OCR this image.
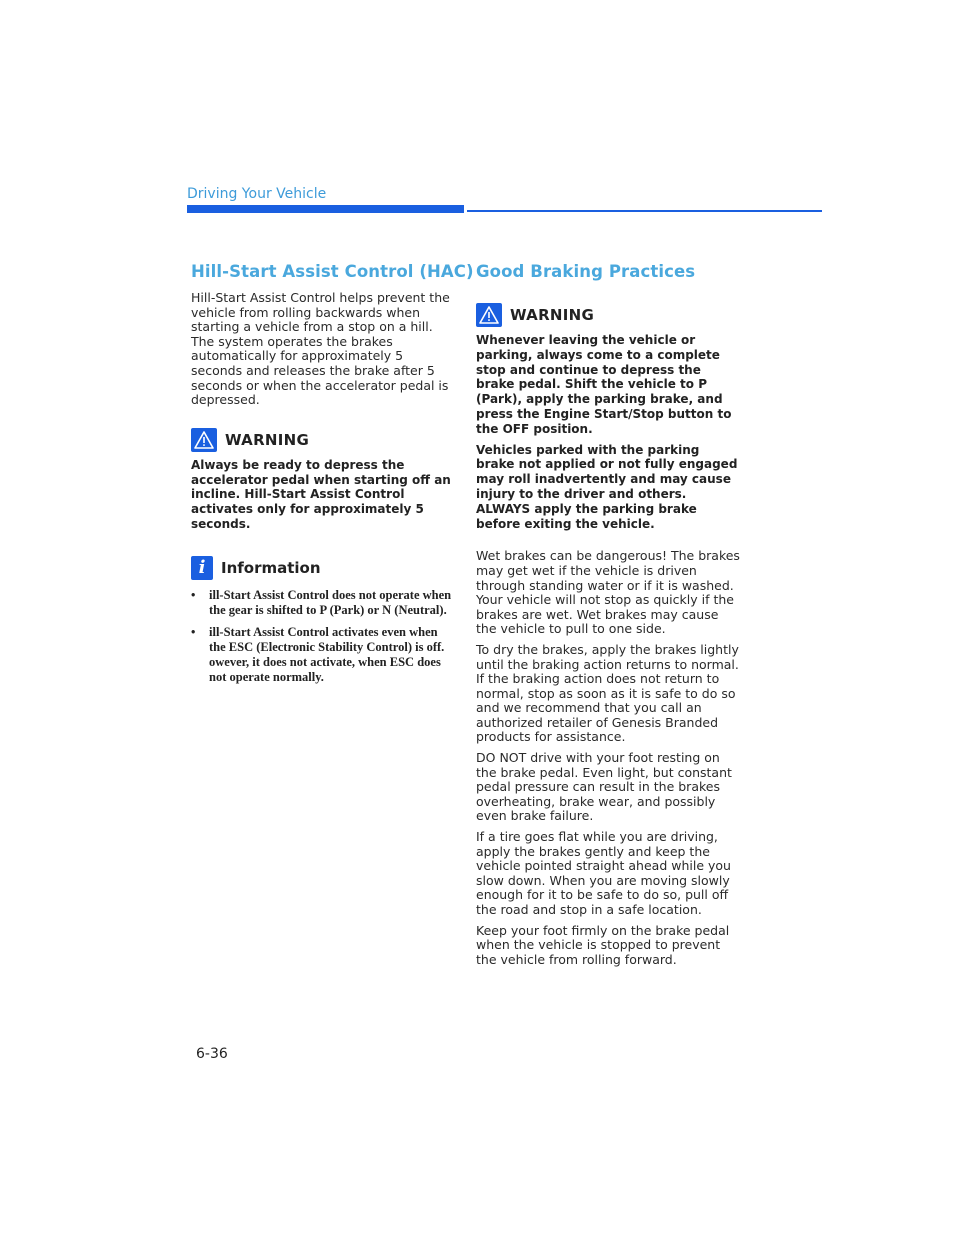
Driving Your Vehicle
Hill-Start Assist Control (HAC)

Hill-Start Assist Control helps prevent the vehicle from rolling backwards when starting a vehicle from a stop on a hill. The system operates the brakes automatically for approximately 5 seconds and releases the brake after 5 seconds or when the accelerator pedal is depressed.

WARNING

Always be ready to depress the accelerator pedal when starting off an incline. Hill-Start Assist Control activates only for approximately 5 seconds.

i	Information
• ill-Start Assist Control does not operate when the gear is shifted to P (Park) or N (Neutral).
• ill-Start Assist Control activates even when the ESC (Electronic Stability Control) is off. owever, it does not activate, when ESC does not operate normally.
Good Braking Practices
WARNING

Whenever leaving the vehicle or parking, always come to a complete stop and continue to depress the brake pedal. Shift the vehicle to P (Park), apply the parking brake, and press the Engine Start/Stop button to the OFF position.

Vehicles parked with the parking brake not applied or not fully engaged may roll inadvertently and may cause injury to the driver and others. ALWAYS apply the parking brake before exiting the vehicle.

Wet brakes can be dangerous! The brakes may get wet if the vehicle is driven through standing water or if it is washed. Your vehicle will not stop as quickly if the brakes are wet. Wet brakes may cause the vehicle to pull to one side.

To dry the brakes, apply the brakes lightly until the braking action returns to normal. If the braking action does not return to normal, stop as soon as it is safe to do so and we recommend that you call an authorized retailer of Genesis Branded products for assistance.

DO NOT drive with your foot resting on the brake pedal. Even light, but constant pedal pressure can result in the brakes overheating, brake wear, and possibly even brake failure.

If a tire goes flat while you are driving, apply the brakes gently and keep the vehicle pointed straight ahead while you slow down. When you are moving slowly enough for it to be safe to do so, pull off the road and stop in a safe location.

Keep your foot firmly on the brake pedal when the vehicle is stopped to prevent the vehicle from rolling forward.

6-36
